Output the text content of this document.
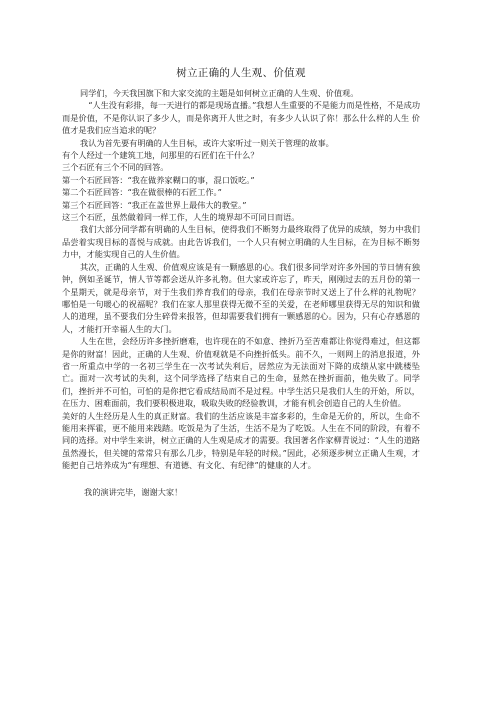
树立正确的人生观、价值观

同学们，今天我国旗下和大家交流的主题是如何树立正确的人生观、价值观。

“人生没有彩排，每一天进行的都是现场直播。”我想人生重要的不是能力而是性格，不是成功而是价值，不是你认识了多少人，而是你离开人世之时，有多少人认识了你！那么什么样的人生 价值才是我们应当追求的呢？

我认为首先要有明确的人生目标，或许大家听过一则关于管理的故事。

有个人经过一个建筑工地，问那里的石匠们在干什么？

三个石匠有三个不同的回答。

第一个石匠回答：“我在做养家糊口的事，混口饭吃。”

第二个石匠回答：“我在做很棒的石匠工作。”

第三个石匠回答：“我正在盖世界上最伟大的教堂。”

这三个石匠，虽然做着同一样工作，人生的境界却不可同日而语。

我们大部分同学都有明确的人生目标，使得我们不断努力最终取得了优异的成绩，努力中我们品尝着实现目标的喜悦与成就。由此告诉我们，一个人只有树立明确的人生目标，在为目标不断努力中，才能实现自己的人生价值。

其次，正确的人生观、价值观应该是有一颗感恩的心。我们很多同学对许多外国的节日情有独钟，例如圣诞节，情人节等都会送从许多礼物。但大家或许忘了，昨天，刚刚过去的五月份的第一个星期天，就是母亲节，对于生我们养育我们的母亲，我们在母亲节时又送上了什么样的礼物呢？哪怕是一句暖心的祝福呢？我们在家人那里获得无微不至的关爱，在老师哪里获得无尽的知识和做人的道理，虽不要我们分生碎骨来报答，但却需要我们拥有一颗感恩的心。因为，只有心存感恩的人，才能打开幸福人生的大门。

人生在世，会经历许多挫折磨难，也许现在的不如意、挫折乃至苦难都让你觉得难过，但这都是你的财富！因此，正确的人生观、价值观就是不向挫折低头。前不久，一则网上的消息报道，外省一所重点中学的一名初三学生在一次考试失利后，居然应为无法面对下降的成绩从家中跳楼坠亡。面对一次考试的失利，这个同学选择了结束自己的生命，显然在挫折面前，他失败了。同学们，挫折并不可怕，可怕的是你把它看成结局而不是过程。中学生活只是我们人生的开始，所以，在压力、困难面前，我们要积极进取，吸取失败的经验教训，才能有机会创造自己的人生价值。

美好的人生经历是人生的真正财富。我们的生活应该是丰富多彩的，生命是无价的，所以，生命不能用来挥霍，更不能用来践踏。吃饭是为了生活，生活不是为了吃饭。人生在不同的阶段，有着不同的选择。对中学生来讲，树立正确的人生观是成才的需要。我国著名作家柳青说过：“人生的道路虽然漫长，但关键的常常只有那么几步，特别是年轻的时候。”因此，必须逐步树立正确人生观，才能把自己培养成为“有理想、有道德、有文化、有纪律”的健康的人才。

我的演讲完毕，谢谢大家！
